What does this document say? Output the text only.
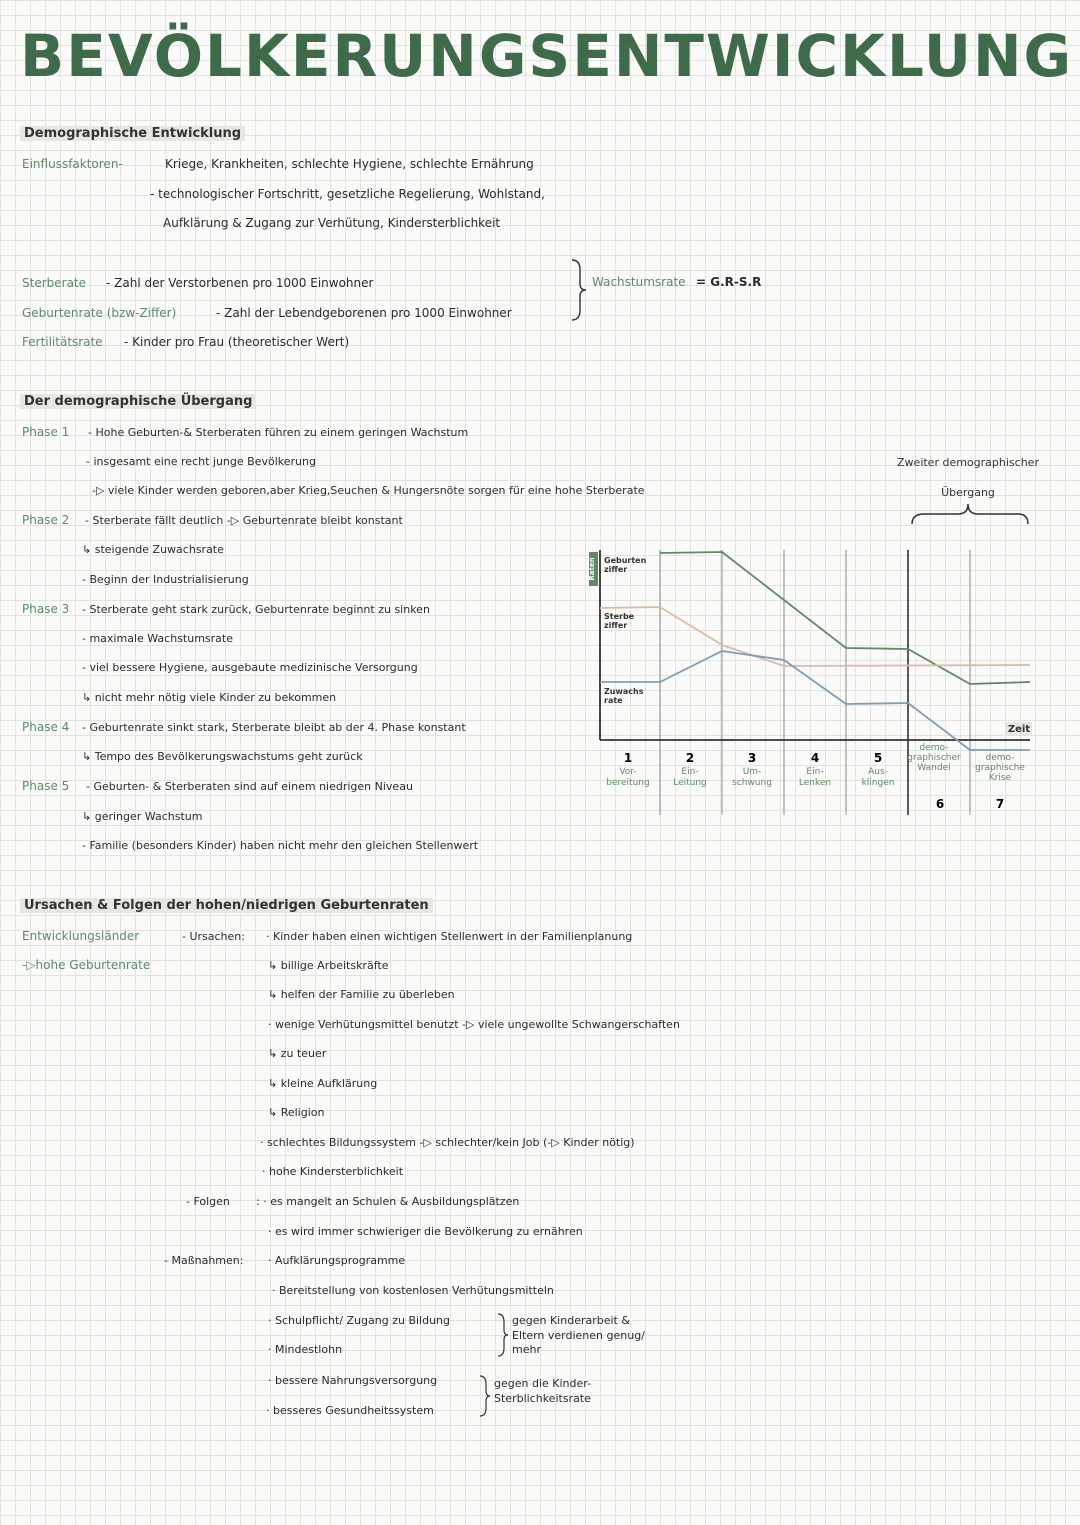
BEVÖLKERUNGSENTWICKLUNG
Demographische Entwicklung
Einflussfaktoren-	Kriege, Krankheiten, schlechte Hygiene, schlechte Ernährung
- technologischer Fortschritt, gesetzliche Regelierung, Wohlstand,
Aufklärung & Zugang zur Verhütung, Kindersterblichkeit
Sterberate - Zahl der Verstorbenen pro 1000 Einwohner
Geburtenrate (bzw-Ziffer)	- Zahl der Lebendgeborenen pro 1000 Einwohner
Fertilitätsrate - Kinder pro Frau (theoretischer Wert)
Wachstumsrate = G.R-S.R
Der demographische Übergang
Phase 1 - Hohe Geburten-& Sterberaten führen zu einem geringen Wachstum
- insgesamt eine recht junge Bevölkerung
-▷ viele Kinder werden geboren,aber Krieg,Seuchen & Hungersnöte sorgen für eine hohe Sterberate
Phase 2 - Sterberate fällt deutlich -▷ Geburtenrate bleibt konstant
↳ steigende Zuwachsrate
- Beginn der Industrialisierung
Phase 3 - Sterberate geht stark zurück, Geburtenrate beginnt zu sinken
- maximale Wachstumsrate
- viel bessere Hygiene, ausgebaute medizinische Versorgung
↳ nicht mehr nötig viele Kinder zu bekommen
Phase 4 - Geburtenrate sinkt stark, Sterberate bleibt ab der 4. Phase konstant
↳ Tempo des Bevölkerungswachstums geht zurück
Phase 5 - Geburten- & Sterberaten sind auf einem niedrigen Niveau
↳ geringer Wachstum
- Familie (besonders Kinder) haben nicht mehr den gleichen Stellenwert
Raten
Zeit
Geburten
ziffer
Sterbe
ziffer
Zuwachs
rate
Zweiter demographischer
Übergang
1
Vor-
bereitung
2
Ein-
Leitung
3
Um-
schwung
4
Ein-
Lenken
5
Aus-
klingen
demo-
graphischer
Wandel
6
demo-
graphische
Krise
7
Ursachen & Folgen der hohen/niedrigen Geburtenraten
Entwicklungsländer
-▷hohe Geburtenrate
- Ursachen: · Kinder haben einen wichtigen Stellenwert in der Familienplanung
↳ billige Arbeitskräfte
↳ helfen der Familie zu überleben
· wenige Verhütungsmittel benutzt -▷ viele ungewollte Schwangerschaften
↳ zu teuer
↳ kleine Aufklärung
↳ Religion
· schlechtes Bildungssystem -▷ schlechter/kein Job (-▷ Kinder nötig)
· hohe Kindersterblichkeit
- Folgen : · es mangelt an Schulen & Ausbildungsplätzen
· es wird immer schwieriger die Bevölkerung zu ernähren
- Maßnahmen: · Aufklärungsprogramme
· Bereitstellung von kostenlosen Verhütungsmitteln
· Schulpflicht/ Zugang zu Bildung
· Mindestlohn
gegen Kinderarbeit &
Eltern verdienen genug/
mehr
· bessere Nahrungsversorgung
· besseres Gesundheitssystem
gegen die Kinder-
Sterblichkeitsrate
